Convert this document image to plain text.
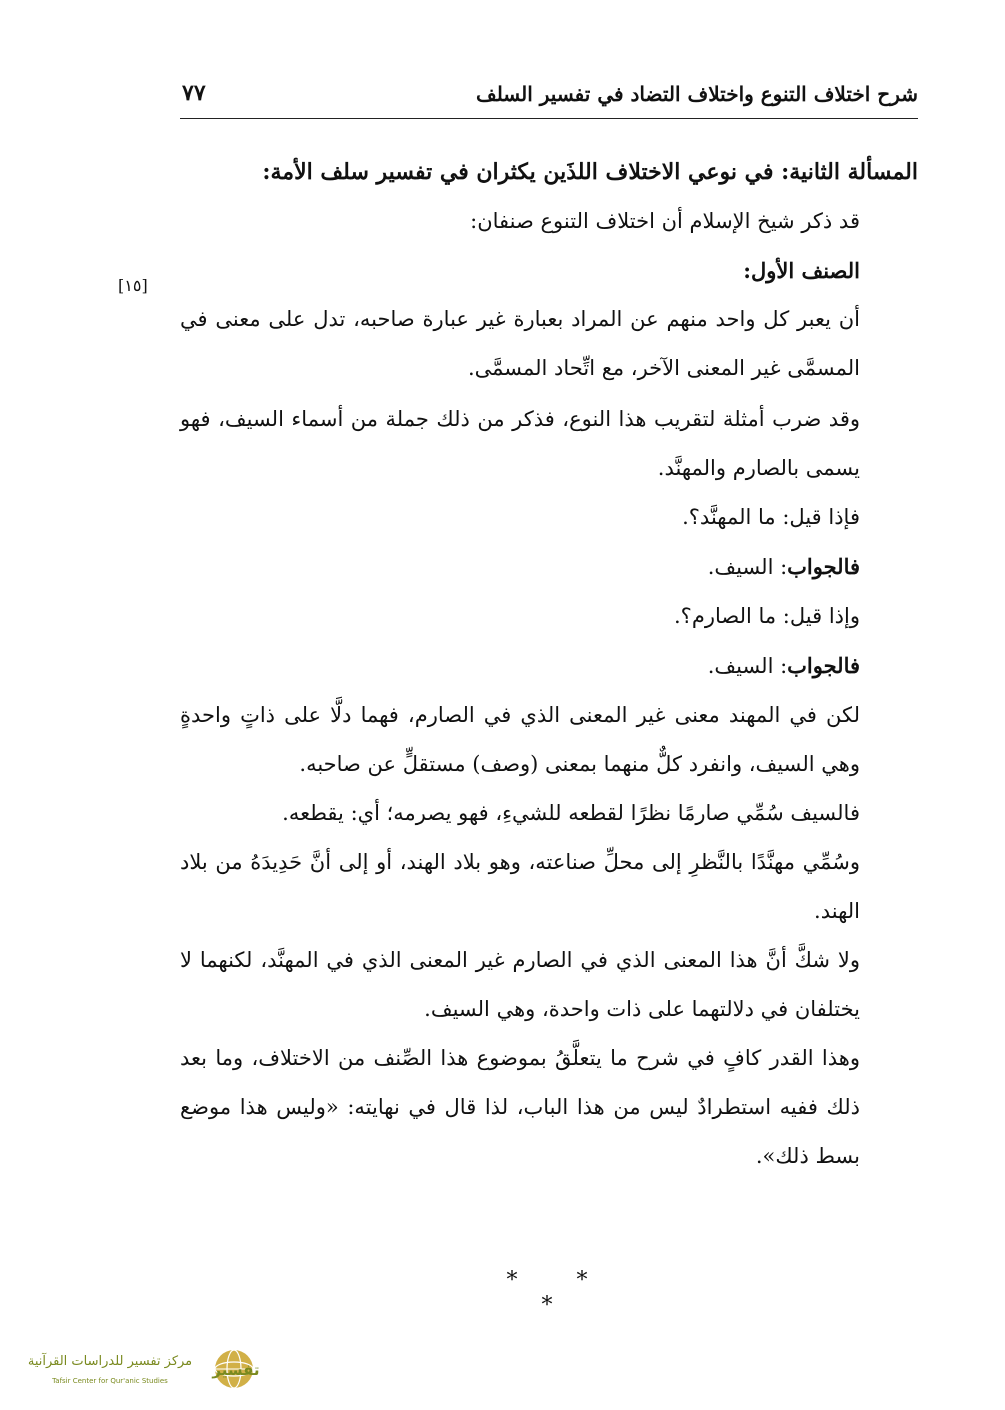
شرح اختلاف التنوع واختلاف التضاد في تفسير السلف
٧٧
[١٥]

المسألة الثانية: في نوعي الاختلاف اللذَين يكثران في تفسير سلف الأمة:

قد ذكر شيخ الإسلام أن اختلاف التنوع صنفان:

الصنف الأول:

أن يعبر كل واحد منهم عن المراد بعبارة غير عبارة صاحبه، تدل على معنى في المسمَّى غير المعنى الآخر، مع اتِّحاد المسمَّى.

وقد ضرب أمثلة لتقريب هذا النوع، فذكر من ذلك جملة من أسماء السيف، فهو يسمى بالصارم والمهنَّد.

فإذا قيل: ما المهنَّد؟.

فالجواب: السيف.

وإذا قيل: ما الصارم؟.

فالجواب: السيف.

لكن في المهند معنى غير المعنى الذي في الصارم، فهما دلَّا على ذاتٍ واحدةٍ وهي السيف، وانفرد كلٌّ منهما بمعنى (وصف) مستقلٍّ عن صاحبه.

فالسيف سُمِّي صارمًا نظرًا لقطعه للشيءِ، فهو يصرمه؛ أي: يقطعه.

وسُمِّي مهنَّدًا بالنَّظرِ إلى محلِّ صناعته، وهو بلاد الهند، أو إلى أنَّ حَدِيدَهُ من بلاد الهند.

ولا شكَّ أنَّ هذا المعنى الذي في الصارم غير المعنى الذي في المهنَّد، لكنهما لا يختلفان في دلالتهما على ذات واحدة، وهي السيف.

وهذا القدر كافٍ في شرح ما يتعلَّقُ بموضوع هذا الصِّنف من الاختلاف، وما بعد ذلك ففيه استطرادٌ ليس من هذا الباب، لذا قال في نهايته: «وليس هذا موضع بسط ذلك».

* * *
تفسير
مركز تفسير للدراسات القرآنية
Tafsir Center for Qur'anic Studies
